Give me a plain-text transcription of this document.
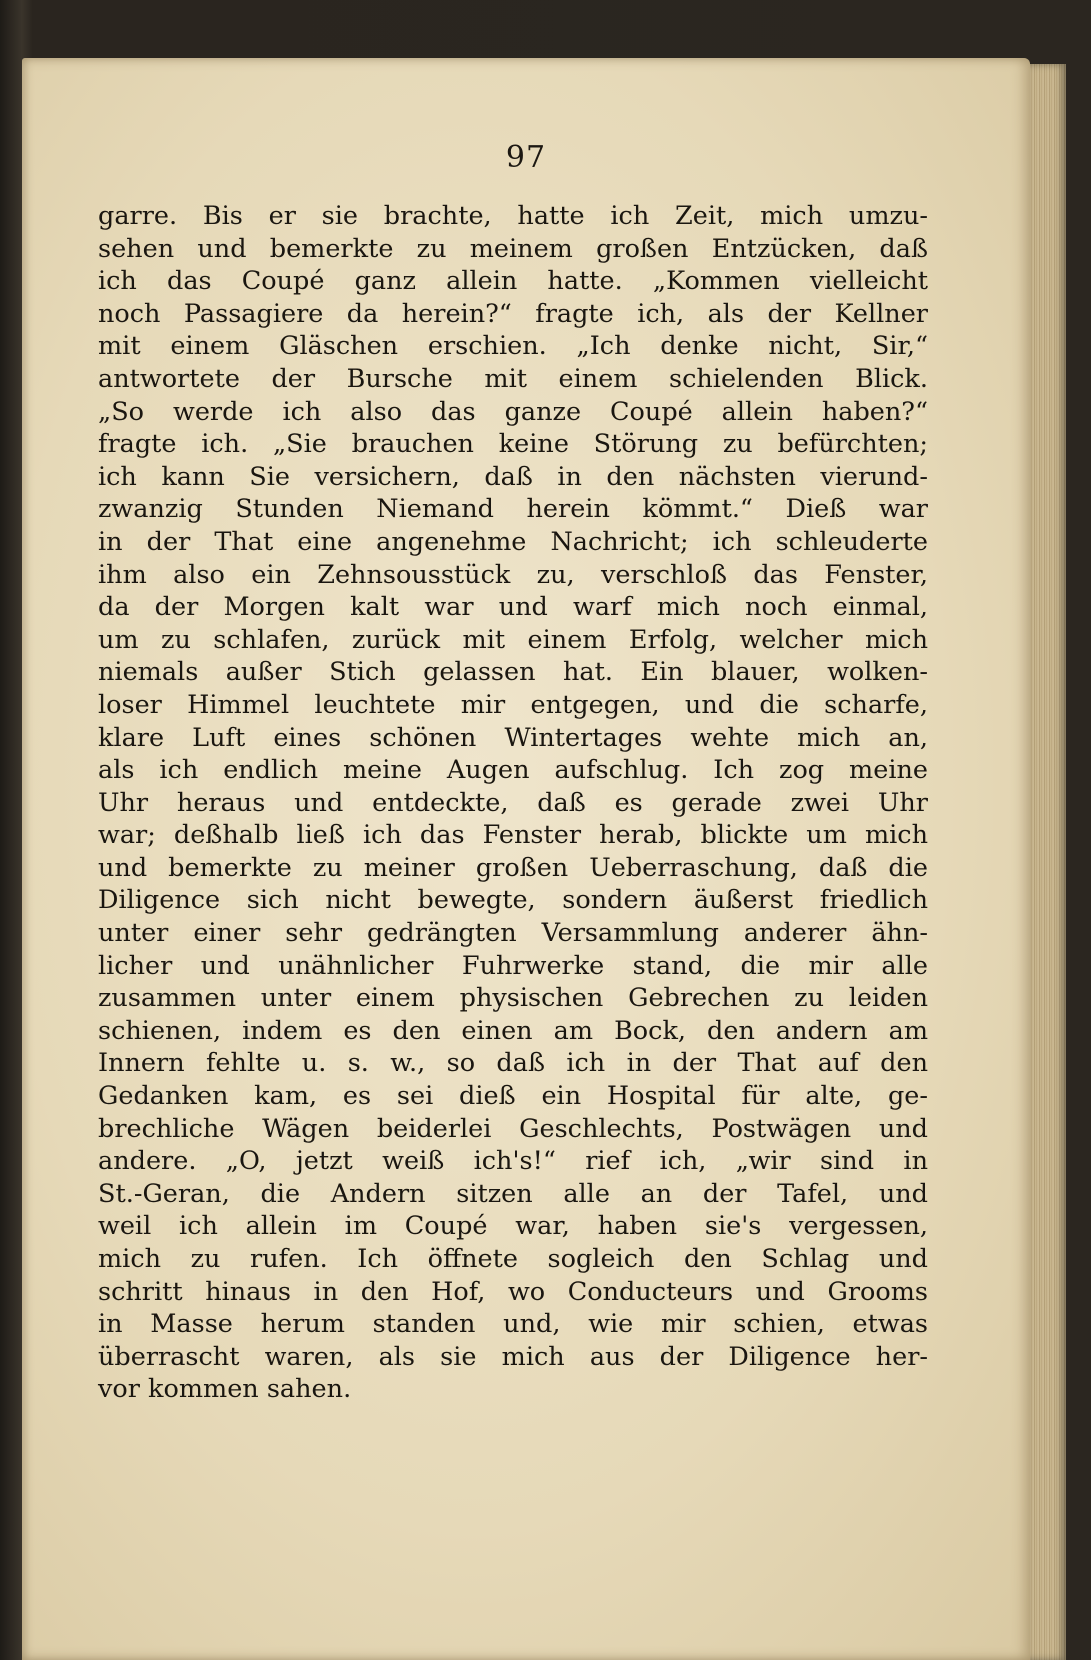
97
garre. Bis er sie brachte, hatte ich Zeit, mich umzu-
sehen und bemerkte zu meinem großen Entzücken, daß
ich das Coupé ganz allein hatte. „Kommen vielleicht
noch Passagiere da herein?“ fragte ich, als der Kellner
mit einem Gläschen erschien. „Ich denke nicht, Sir,“
antwortete der Bursche mit einem schielenden Blick.
„So werde ich also das ganze Coupé allein haben?“
fragte ich. „Sie brauchen keine Störung zu befürchten;
ich kann Sie versichern, daß in den nächsten vierund-
zwanzig Stunden Niemand herein kömmt.“ Dieß war
in der That eine angenehme Nachricht; ich schleuderte
ihm also ein Zehnsousstück zu, verschloß das Fenster,
da der Morgen kalt war und warf mich noch einmal,
um zu schlafen, zurück mit einem Erfolg, welcher mich
niemals außer Stich gelassen hat. Ein blauer, wolken-
loser Himmel leuchtete mir entgegen, und die scharfe,
klare Luft eines schönen Wintertages wehte mich an,
als ich endlich meine Augen aufschlug. Ich zog meine
Uhr heraus und entdeckte, daß es gerade zwei Uhr
war; deßhalb ließ ich das Fenster herab, blickte um mich
und bemerkte zu meiner großen Ueberraschung, daß die
Diligence sich nicht bewegte, sondern äußerst friedlich
unter einer sehr gedrängten Versammlung anderer ähn-
licher und unähnlicher Fuhrwerke stand, die mir alle
zusammen unter einem physischen Gebrechen zu leiden
schienen, indem es den einen am Bock, den andern am
Innern fehlte u. s. w., so daß ich in der That auf den
Gedanken kam, es sei dieß ein Hospital für alte, ge-
brechliche Wägen beiderlei Geschlechts, Postwägen und
andere. „O, jetzt weiß ich's!“ rief ich, „wir sind in
St.-Geran, die Andern sitzen alle an der Tafel, und
weil ich allein im Coupé war, haben sie's vergessen,
mich zu rufen. Ich öffnete sogleich den Schlag und
schritt hinaus in den Hof, wo Conducteurs und Grooms
in Masse herum standen und, wie mir schien, etwas
überrascht waren, als sie mich aus der Diligence her-
vor kommen sahen.
